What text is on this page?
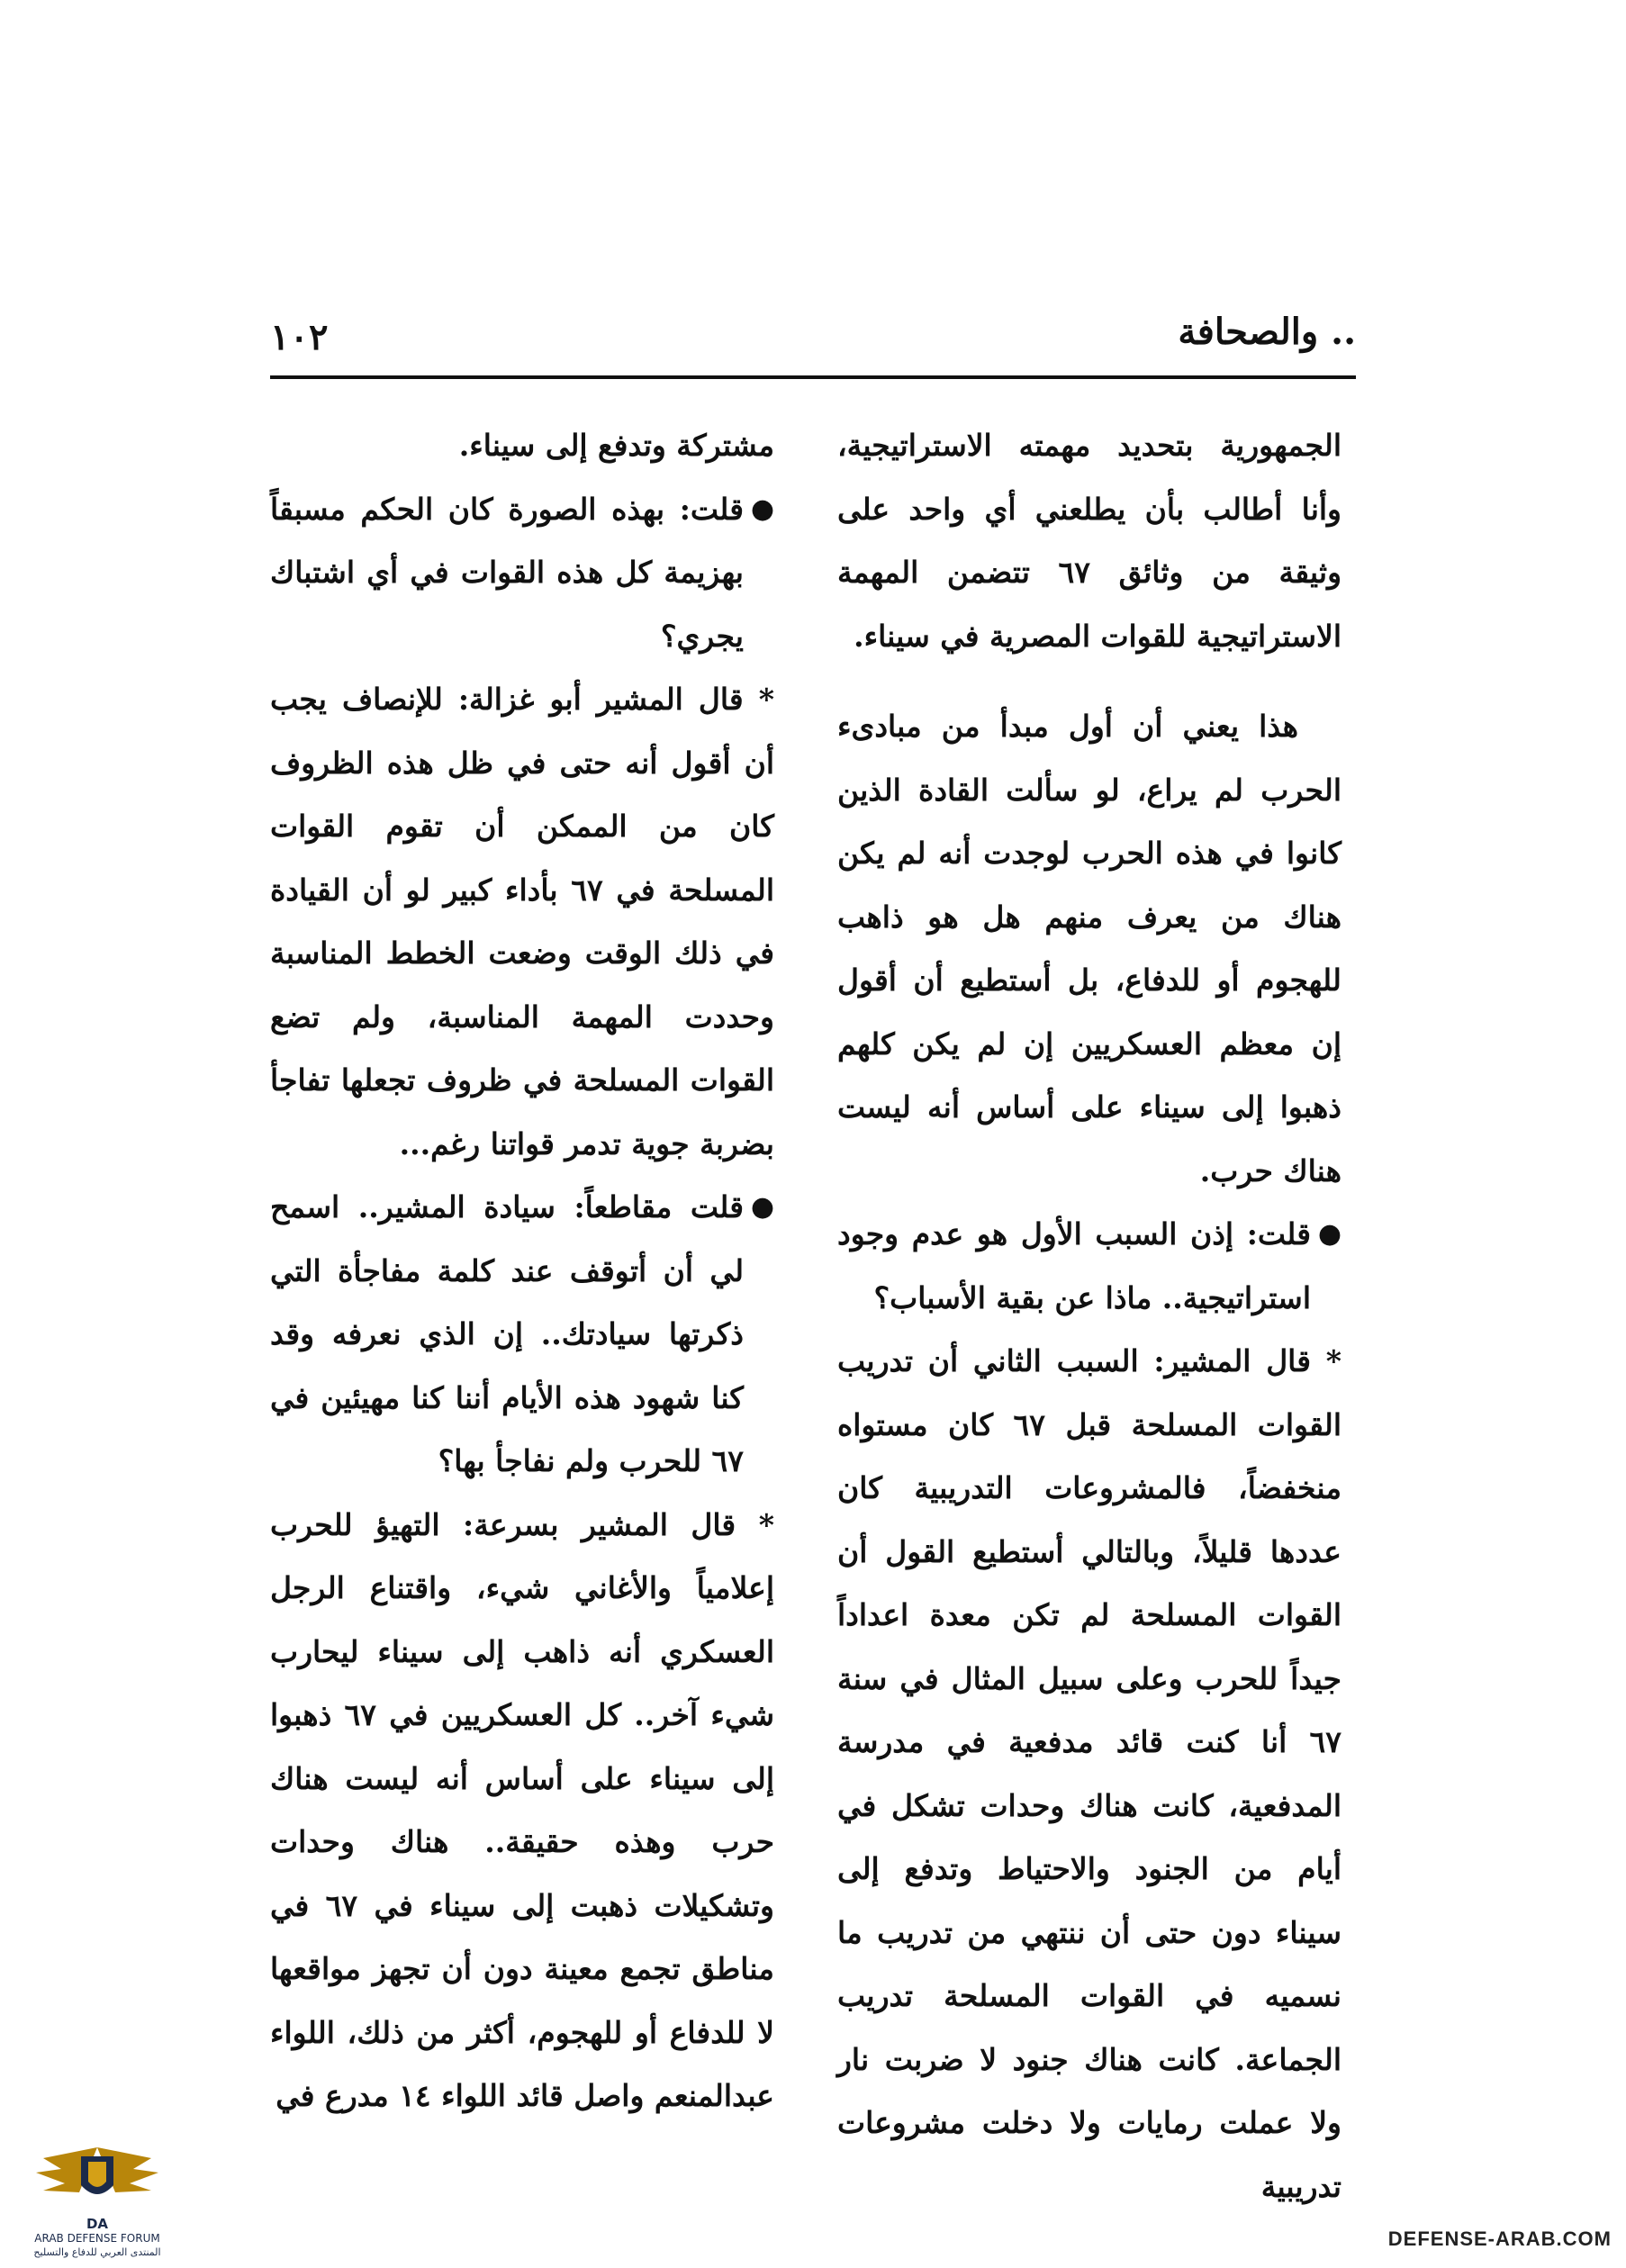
.. والصحافة
١٠٢

الجمهورية بتحديد مهمته الاستراتيجية، وأنا أطالب بأن يطلعني أي واحد على وثيقة من وثائق ٦٧ تتضمن المهمة الاستراتيجية للقوات المصرية في سيناء.

هذا يعني أن أول مبدأ من مبادىء الحرب لم يراع، لو سألت القادة الذين كانوا في هذه الحرب لوجدت أنه لم يكن هناك من يعرف منهم هل هو ذاهب للهجوم أو للدفاع، بل أستطيع أن أقول إن معظم العسكريين إن لم يكن كلهم ذهبوا إلى سيناء على أساس أنه ليست هناك حرب.

●
قلت: إذن السبب الأول هو عدم وجود استراتيجية.. ماذا عن بقية الأسباب؟

* قال المشير: السبب الثاني أن تدريب القوات المسلحة قبل ٦٧ كان مستواه منخفضاً، فالمشروعات التدريبية كان عددها قليلاً، وبالتالي أستطيع القول أن القوات المسلحة لم تكن معدة اعداداً جيداً للحرب وعلى سبيل المثال في سنة ٦٧ أنا كنت قائد مدفعية في مدرسة المدفعية، كانت هناك وحدات تشكل في أيام من الجنود والاحتياط وتدفع إلى سيناء دون حتى أن ننتهي من تدريب ما نسميه في القوات المسلحة تدريب الجماعة. كانت هناك جنود لا ضربت نار ولا عملت رمايات ولا دخلت مشروعات تدريبية

مشتركة وتدفع إلى سيناء.

●
قلت: بهذه الصورة كان الحكم مسبقاً بهزيمة كل هذه القوات في أي اشتباك يجري؟

* قال المشير أبو غزالة: للإنصاف يجب أن أقول أنه حتى في ظل هذه الظروف كان من الممكن أن تقوم القوات المسلحة في ٦٧ بأداء كبير لو أن القيادة في ذلك الوقت وضعت الخطط المناسبة وحددت المهمة المناسبة، ولم تضع القوات المسلحة في ظروف تجعلها تفاجأ بضربة جوية تدمر قواتنا رغم...

●
قلت مقاطعاً: سيادة المشير.. اسمح لي أن أتوقف عند كلمة مفاجأة التي ذكرتها سيادتك.. إن الذي نعرفه وقد كنا شهود هذه الأيام أننا كنا مهيئين في ٦٧ للحرب ولم نفاجأ بها؟

* قال المشير بسرعة: التهيؤ للحرب إعلامياً والأغاني شيء، واقتناع الرجل العسكري أنه ذاهب إلى سيناء ليحارب شيء آخر.. كل العسكريين في ٦٧ ذهبوا إلى سيناء على أساس أنه ليست هناك حرب وهذه حقيقة.. هناك وحدات وتشكيلات ذهبت إلى سيناء في ٦٧ في مناطق تجمع معينة دون أن تجهز مواقعها لا للدفاع أو للهجوم، أكثر من ذلك، اللواء عبدالمنعم واصل قائد اللواء ١٤ مدرع في

DA
ARAB DEFENSE FORUM
المنتدى العربي للدفاع والتسليح
DEFENSE-ARAB.COM
